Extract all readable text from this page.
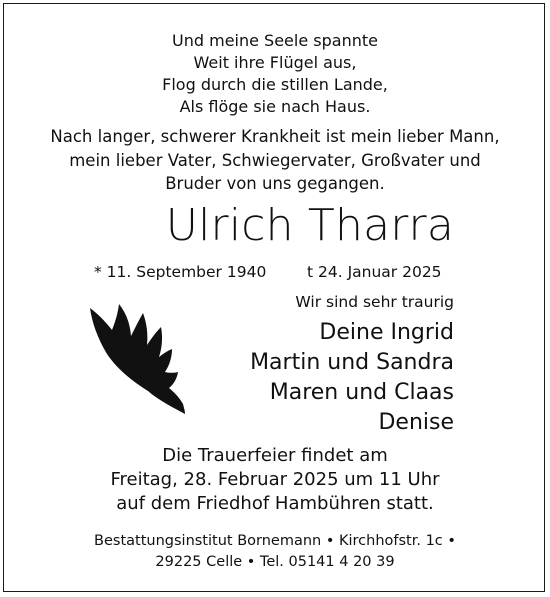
Und meine Seele spannte
Weit ihre Flügel aus,
Flog durch die stillen Lande,
Als flöge sie nach Haus.
Nach langer, schwerer Krankheit ist mein lieber Mann,
mein lieber Vater, Schwiegervater, Großvater und
Bruder von uns gegangen.
Ulrich Tharra
* 11. September 1940	t 24. Januar 2025
Wir sind sehr traurig
Deine Ingrid
Martin und Sandra
Maren und Claas
Denise
Die Trauerfeier findet am
Freitag, 28. Februar 2025 um 11 Uhr
auf dem Friedhof Hambühren statt.
Bestattungsinstitut Bornemann • Kirchhofstr. 1c •
29225 Celle • Tel. 05141 4 20 39
